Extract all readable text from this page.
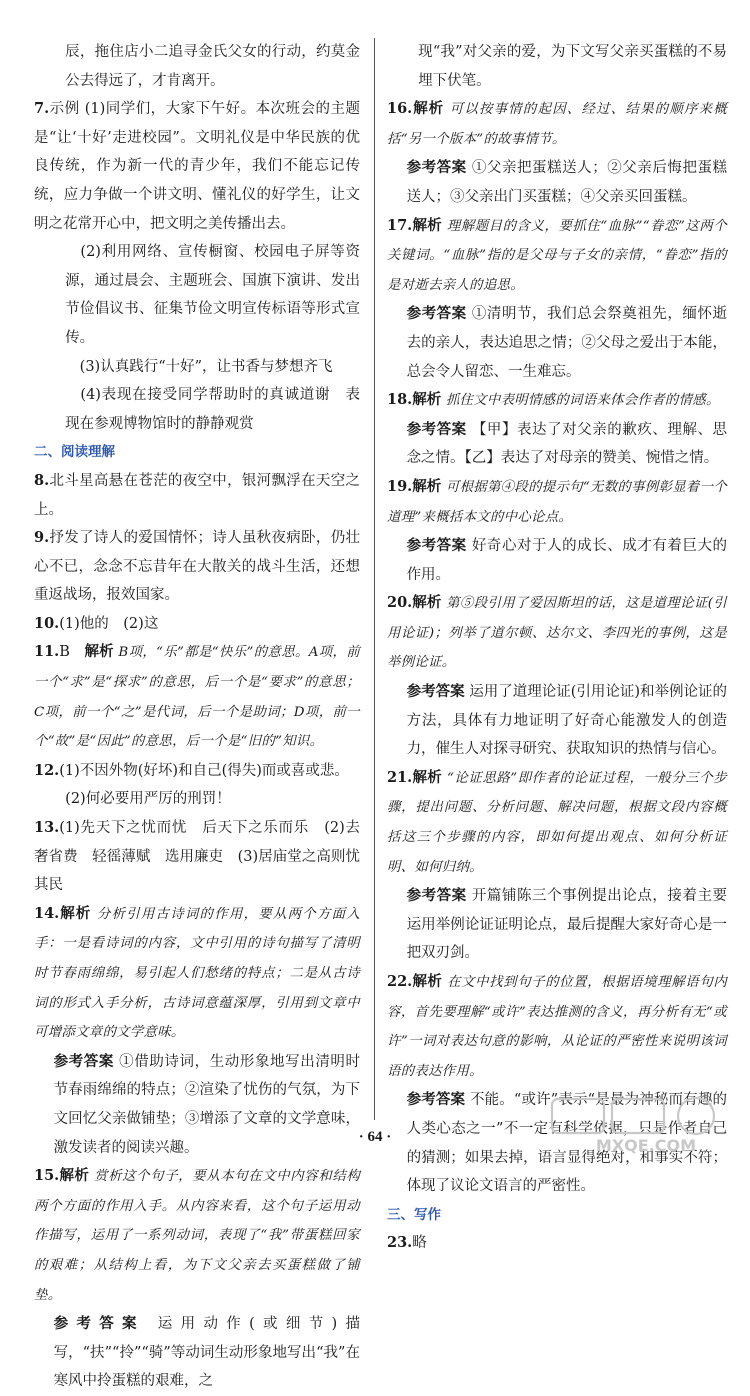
辰，拖住店小二追寻金氏父女的行动，约莫金公去得远了，才肯离开。

7.示例 (1)同学们，大家下午好。本次班会的主题是“让‘十好’走进校园”。文明礼仪是中华民族的优良传统，作为新一代的青少年，我们不能忘记传统，应力争做一个讲文明、懂礼仪的好学生，让文明之花常开心中，把文明之美传播出去。

　(2)利用网络、宣传橱窗、校园电子屏等资源，通过晨会、主题班会、国旗下演讲、发出节俭倡议书、征集节俭文明宣传标语等形式宣传。

　(3)认真践行“十好”，让书香与梦想齐飞

　(4)表现在接受同学帮助时的真诚道谢　表现在参观博物馆时的静静观赏

二、阅读理解

8.北斗星高悬在苍茫的夜空中，银河飘浮在天空之上。

9.抒发了诗人的爱国情怀；诗人虽秋夜病卧，仍壮心不已，念念不忘昔年在大散关的战斗生活，还想重返战场，报效国家。

10.(1)他的　(2)这

11.B　解析 B项，“乐”都是“快乐”的意思。A项，前一个“求”是“探求”的意思，后一个是“要求”的意思；C项，前一个“之”是代词，后一个是助词；D项，前一个“故”是“因此”的意思，后一个是“旧的”知识。

12.(1)不因外物(好坏)和自己(得失)而或喜或悲。

(2)何必要用严厉的刑罚！

13.(1)先天下之忧而忧　后天下之乐而乐　(2)去奢省费　轻徭薄赋　选用廉吏　(3)居庙堂之高则忧其民

14.解析 分析引用古诗词的作用，要从两个方面入手：一是看诗词的内容，文中引用的诗句描写了清明时节春雨绵绵，易引起人们愁绪的特点；二是从古诗词的形式入手分析，古诗词意蕴深厚，引用到文章中可增添文章的文学意味。

参考答案 ①借助诗词，生动形象地写出清明时节春雨绵绵的特点；②渲染了忧伤的气氛，为下文回忆父亲做铺垫；③增添了文章的文学意味，激发读者的阅读兴趣。

15.解析 赏析这个句子，要从本句在文中内容和结构两个方面的作用入手。从内容来看，这个句子运用动作描写，运用了一系列动词，表现了“我”带蛋糕回家的艰难；从结构上看，为下文父亲去买蛋糕做了铺垫。

参考答案 运用动作(或细节)描写，“扶”“拎”“骑”等动词生动形象地写出“我”在寒风中拎蛋糕的艰难，之

现“我”对父亲的爱，为下文写父亲买蛋糕的不易埋下伏笔。

16.解析 可以按事情的起因、经过、结果的顺序来概括“另一个版本”的故事情节。

参考答案 ①父亲把蛋糕送人；②父亲后悔把蛋糕送人；③父亲出门买蛋糕；④父亲买回蛋糕。

17.解析 理解题目的含义，要抓住“血脉”“眷恋”这两个关键词。“血脉”指的是父母与子女的亲情，“眷恋”指的是对逝去亲人的追思。

参考答案 ①清明节，我们总会祭奠祖先，缅怀逝去的亲人，表达追思之情；②父母之爱出于本能，总会令人留恋、一生难忘。

18.解析 抓住文中表明情感的词语来体会作者的情感。

参考答案 【甲】表达了对父亲的歉疚、理解、思念之情。【乙】表达了对母亲的赞美、惋惜之情。

19.解析 可根据第④段的提示句“无数的事例彰显着一个道理”来概括本文的中心论点。

参考答案 好奇心对于人的成长、成才有着巨大的作用。

20.解析 第⑤段引用了爱因斯坦的话，这是道理论证(引用论证)；列举了道尔顿、达尔文、李四光的事例，这是举例论证。

参考答案 运用了道理论证(引用论证)和举例论证的方法，具体有力地证明了好奇心能激发人的创造力，催生人对探寻研究、获取知识的热情与信心。

21.解析 “论证思路”即作者的论证过程，一般分三个步骤，提出问题、分析问题、解决问题，根据文段内容概括这三个步骤的内容，即如何提出观点、如何分析证明、如何归纳。

参考答案 开篇铺陈三个事例提出论点，接着主要运用举例论证证明论点，最后提醒大家好奇心是一把双刃剑。

22.解析 在文中找到句子的位置，根据语境理解语句内容，首先要理解“或许”表达推测的含义，再分析有无“或许”一词对表达句意的影响，从论证的严密性来说明该词语的表达作用。

参考答案 不能。“或许”表示“是最为神秘而有趣的人类心态之一”不一定有科学依据，只是作者自己的猜测；如果去掉，语言显得绝对，和事实不符；体现了议论文语言的严密性。

三、写作

23.略

· 64 ·	MXQE.COM
